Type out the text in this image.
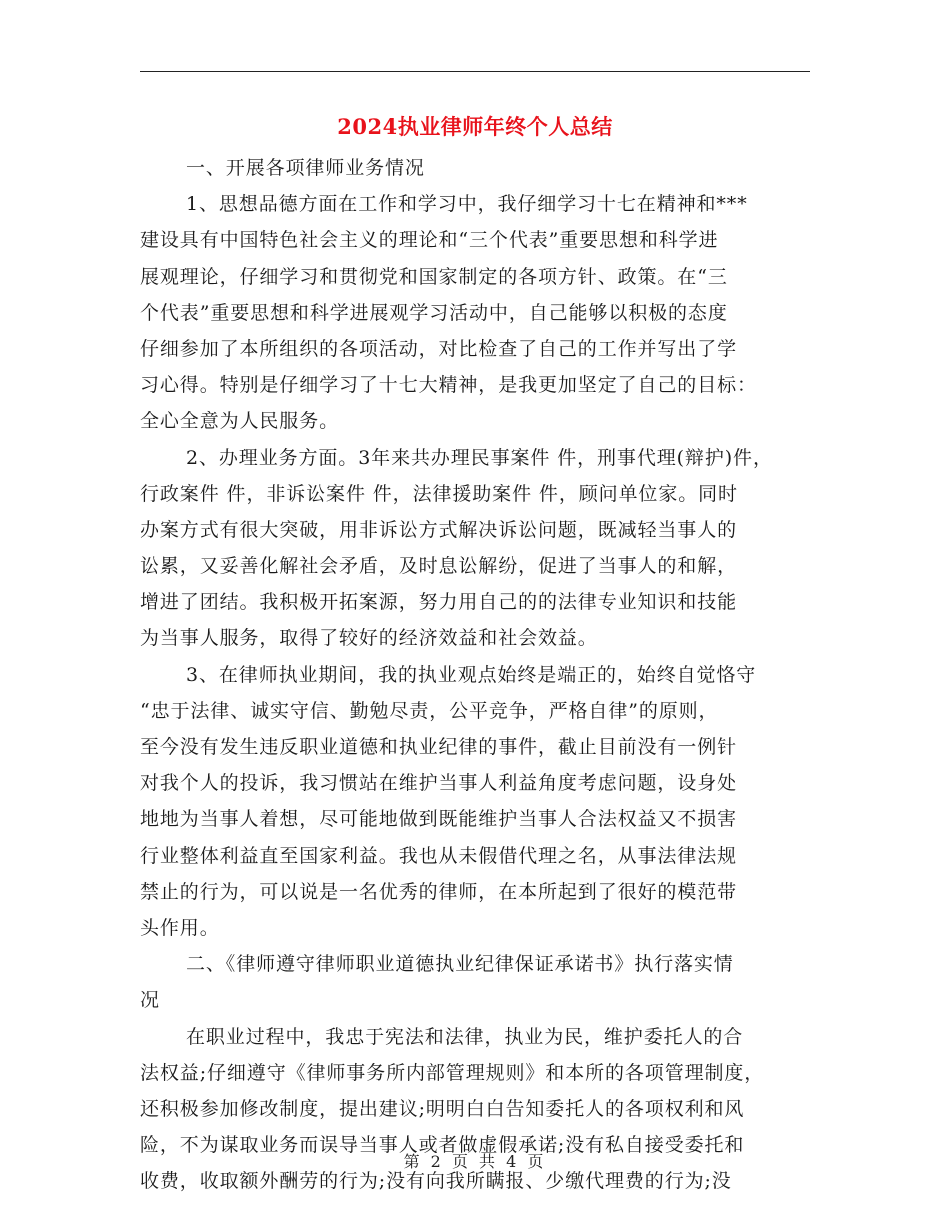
2024执业律师年终个人总结
一、开展各项律师业务情况
1、思想品德方面在工作和学习中，我仔细学习十七在精神和***
建设具有中国特色社会主义的理论和“三个代表”重要思想和科学进
展观理论，仔细学习和贯彻党和国家制定的各项方针、政策。在“三
个代表”重要思想和科学进展观学习活动中，自己能够以积极的态度
仔细参加了本所组织的各项活动，对比检查了自己的工作并写出了学
习心得。特别是仔细学习了十七大精神，是我更加坚定了自己的目标：
全心全意为人民服务。
2、办理业务方面。3年来共办理民事案件 件，刑事代理(辩护)件，
行政案件 件，非诉讼案件 件，法律援助案件 件，顾问单位家。同时
办案方式有很大突破，用非诉讼方式解决诉讼问题，既减轻当事人的
讼累，又妥善化解社会矛盾，及时息讼解纷，促进了当事人的和解，
增进了团结。我积极开拓案源，努力用自己的的法律专业知识和技能
为当事人服务，取得了较好的经济效益和社会效益。
3、在律师执业期间，我的执业观点始终是端正的，始终自觉恪守
“忠于法律、诚实守信、勤勉尽责，公平竞争，严格自律”的原则，
至今没有发生违反职业道德和执业纪律的事件，截止目前没有一例针
对我个人的投诉，我习惯站在维护当事人利益角度考虑问题，设身处
地地为当事人着想，尽可能地做到既能维护当事人合法权益又不损害
行业整体利益直至国家利益。我也从未假借代理之名，从事法律法规
禁止的行为，可以说是一名优秀的律师，在本所起到了很好的模范带
头作用。
二、《律师遵守律师职业道德执业纪律保证承诺书》执行落实情
况
在职业过程中，我忠于宪法和法律，执业为民，维护委托人的合
法权益;仔细遵守《律师事务所内部管理规则》和本所的各项管理制度，
还积极参加修改制度，提出建议;明明白白告知委托人的各项权利和风
险，不为谋取业务而误导当事人或者做虚假承诺;没有私自接受委托和
收费，收取额外酬劳的行为;没有向我所瞒报、少缴代理费的行为;没
第 2 页 共 4 页
